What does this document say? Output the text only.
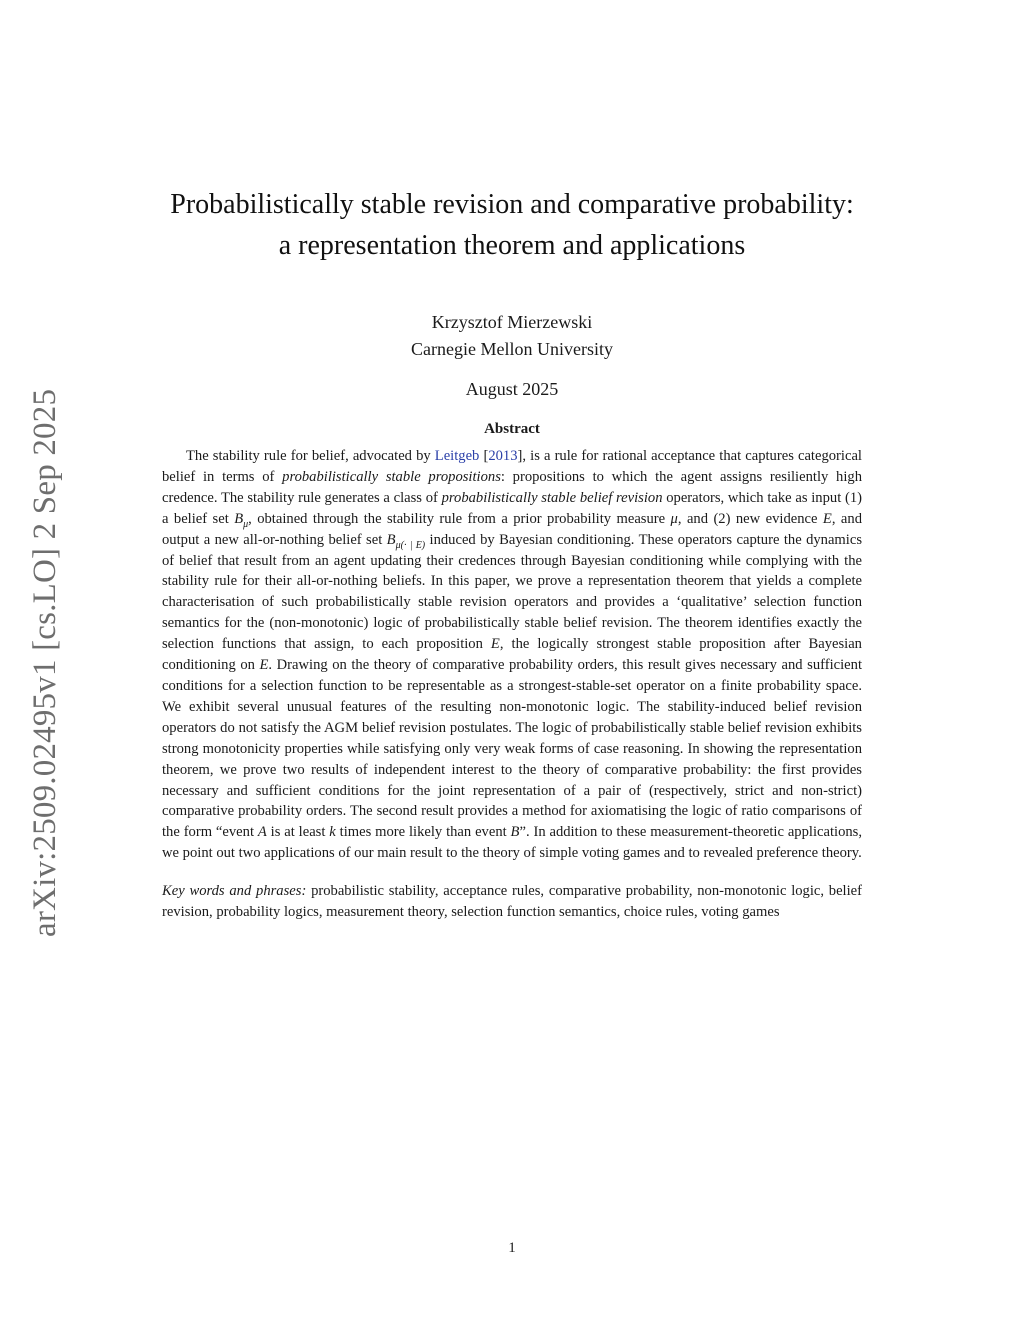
arXiv:2509.02495v1 [cs.LO] 2 Sep 2025
Probabilistically stable revision and comparative probability:
a representation theorem and applications

Krzysztof Mierzewski

Carnegie Mellon University

August 2025

Abstract

The stability rule for belief, advocated by Leitgeb [2013], is a rule for rational acceptance that captures categorical belief in terms of probabilistically stable propositions: propositions to which the agent assigns resiliently high credence. The stability rule generates a class of probabilistically stable belief revision operators, which take as input (1) a belief set $B_\mu$, obtained through the stability rule from a prior probability measure μ, and (2) new evidence E, and output a new all-or-nothing belief set $B_{\mu(\cdot | E)}$ induced by Bayesian conditioning. These operators capture the dynamics of belief that result from an agent updating their credences through Bayesian conditioning while complying with the stability rule for their all-or-nothing beliefs. In this paper, we prove a representation theorem that yields a complete characterisation of such probabilistically stable revision operators and provides a ‘qualitative’ selection function semantics for the (non-monotonic) logic of probabilistically stable belief revision. The theorem identifies exactly the selection functions that assign, to each proposition E, the logically strongest stable proposition after Bayesian conditioning on E. Drawing on the theory of comparative probability orders, this result gives necessary and sufficient conditions for a selection function to be representable as a strongest-stable-set operator on a finite probability space. We exhibit several unusual features of the resulting non-monotonic logic. The stability-induced belief revision operators do not satisfy the AGM belief revision postulates. The logic of probabilistically stable belief revision exhibits strong monotonicity properties while satisfying only very weak forms of case reasoning. In showing the representation theorem, we prove two results of independent interest to the theory of comparative probability: the first provides necessary and sufficient conditions for the joint representation of a pair of (respectively, strict and non-strict) comparative probability orders. The second result provides a method for axiomatising the logic of ratio comparisons of the form “event A is at least k times more likely than event B”. In addition to these measurement-theoretic applications, we point out two applications of our main result to the theory of simple voting games and to revealed preference theory.

Key words and phrases: probabilistic stability, acceptance rules, comparative probability, non-monotonic logic, belief revision, probability logics, measurement theory, selection function semantics, choice rules, voting games

1
